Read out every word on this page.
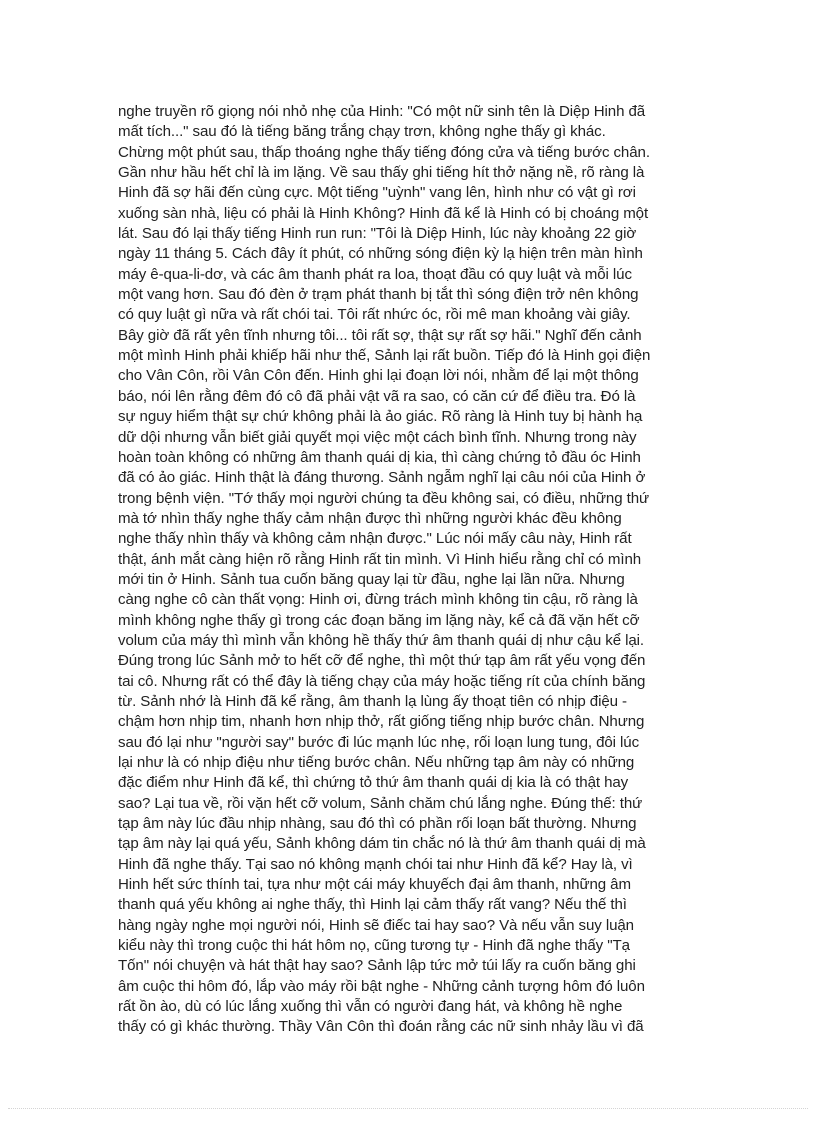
nghe truyền rõ giọng nói nhỏ nhẹ của Hinh: "Có một nữ sinh tên là Diệp Hinh đã
mất tích..." sau đó là tiếng băng trắng chạy trơn, không nghe thấy gì khác.
Chừng một phút sau, thấp thoáng nghe thấy tiếng đóng cửa và tiếng bước chân.
Gần như hầu hết chỉ là im lặng. Về sau thấy ghi tiếng hít thở nặng nề, rõ ràng là
Hinh đã sợ hãi đến cùng cực. Một tiếng "uỳnh" vang lên, hình như có vật gì rơi
xuống sàn nhà, liệu có phải là Hinh Không? Hinh đã kể là Hinh có bị choáng một
lát. Sau đó lại thấy tiếng Hinh run run: "Tôi là Diệp Hinh, lúc này khoảng 22 giờ
ngày 11 tháng 5. Cách đây ít phút, có những sóng điện kỳ lạ hiện trên màn hình
máy ê-qua-li-dơ, và các âm thanh phát ra loa, thoạt đầu có quy luật và mỗi lúc
một vang hơn. Sau đó đèn ở trạm phát thanh bị tắt thì sóng điện trở nên không
có quy luật gì nữa và rất chói tai. Tôi rất nhức óc, rồi mê man khoảng vài giây.
Bây giờ đã rất yên tĩnh nhưng tôi... tôi rất sợ, thật sự rất sợ hãi." Nghĩ đến cảnh
một mình Hinh phải khiếp hãi như thế, Sảnh lại rất buồn. Tiếp đó là Hinh gọi điện
cho Vân Côn, rồi Vân Côn đến. Hinh ghi lại đoạn lời nói, nhằm để lại một thông
báo, nói lên rằng đêm đó cô đã phải vật vã ra sao, có căn cứ để điều tra. Đó là
sự nguy hiểm thật sự chứ không phải là ảo giác. Rõ ràng là Hinh tuy bị hành hạ
dữ dội nhưng vẫn biết giải quyết mọi việc một cách bình tĩnh. Nhưng trong này
hoàn toàn không có những âm thanh quái dị kia, thì càng chứng tỏ đầu óc Hinh
đã có ảo giác. Hinh thật là đáng thương. Sảnh ngẫm nghĩ lại câu nói của Hinh ở
trong bệnh viện. "Tớ thấy mọi người chúng ta đều không sai, có điều, những thứ
mà tớ nhìn thấy nghe thấy cảm nhận được thì những người khác đều không
nghe thấy nhìn thấy và không cảm nhận được." Lúc nói mấy câu này, Hinh rất
thật, ánh mắt càng hiện rõ rằng Hinh rất tin mình. Vì Hinh hiểu rằng chỉ có mình
mới tin ở Hinh. Sảnh tua cuốn băng quay lại từ đầu, nghe lại lần nữa. Nhưng
càng nghe cô càn thất vọng: Hinh ơi, đừng trách mình không tin cậu, rõ ràng là
mình không nghe thấy gì trong các đoạn băng im lặng này, kể cả đã vặn hết cỡ
volum của máy thì mình vẫn không hề thấy thứ âm thanh quái dị như cậu kể lại.
Đúng trong lúc Sảnh mở to hết cỡ để nghe, thì một thứ tạp âm rất yếu vọng đến
tai cô. Nhưng rất có thể đây là tiếng chạy của máy hoặc tiếng rít của chính băng
từ. Sảnh nhớ là Hinh đã kể rằng, âm thanh lạ lùng ấy thoạt tiên có nhịp điệu -
chậm hơn nhịp tim, nhanh hơn nhịp thở, rất giống tiếng nhịp bước chân. Nhưng
sau đó lại như "người say" bước đi lúc mạnh lúc nhẹ, rối loạn lung tung, đôi lúc
lại như là có nhịp điệu như tiếng bước chân. Nếu những tạp âm này có những
đặc điểm như Hinh đã kể, thì chứng tỏ thứ âm thanh quái dị kia là có thật hay
sao? Lại tua về, rồi vặn hết cỡ volum, Sảnh chăm chú lắng nghe. Đúng thế: thứ
tạp âm này lúc đầu nhịp nhàng, sau đó thì có phần rối loạn bất thường. Nhưng
tạp âm này lại quá yếu, Sảnh không dám tin chắc nó là thứ âm thanh quái dị mà
Hinh đã nghe thấy. Tại sao nó không mạnh chói tai như Hinh đã kể? Hay là, vì
Hinh hết sức thính tai, tựa như một cái máy khuyếch đại âm thanh, những âm
thanh quá yếu không ai nghe thấy, thì Hinh lại cảm thấy rất vang? Nếu thế thì
hàng ngày nghe mọi người nói, Hinh sẽ điếc tai hay sao? Và nếu vẫn suy luận
kiểu này thì trong cuộc thi hát hôm nọ, cũng tương tự - Hinh đã nghe thấy "Tạ
Tốn" nói chuyện và hát thật hay sao? Sảnh lập tức mở túi lấy ra cuốn băng ghi
âm cuộc thi hôm đó, lắp vào máy rồi bật nghe - Những cảnh tượng hôm đó luôn
rất ồn ào, dù có lúc lắng xuống thì vẫn có người đang hát, và không hề nghe
thấy có gì khác thường. Thầy Vân Côn thì đoán rằng các nữ sinh nhảy lầu vì đã
